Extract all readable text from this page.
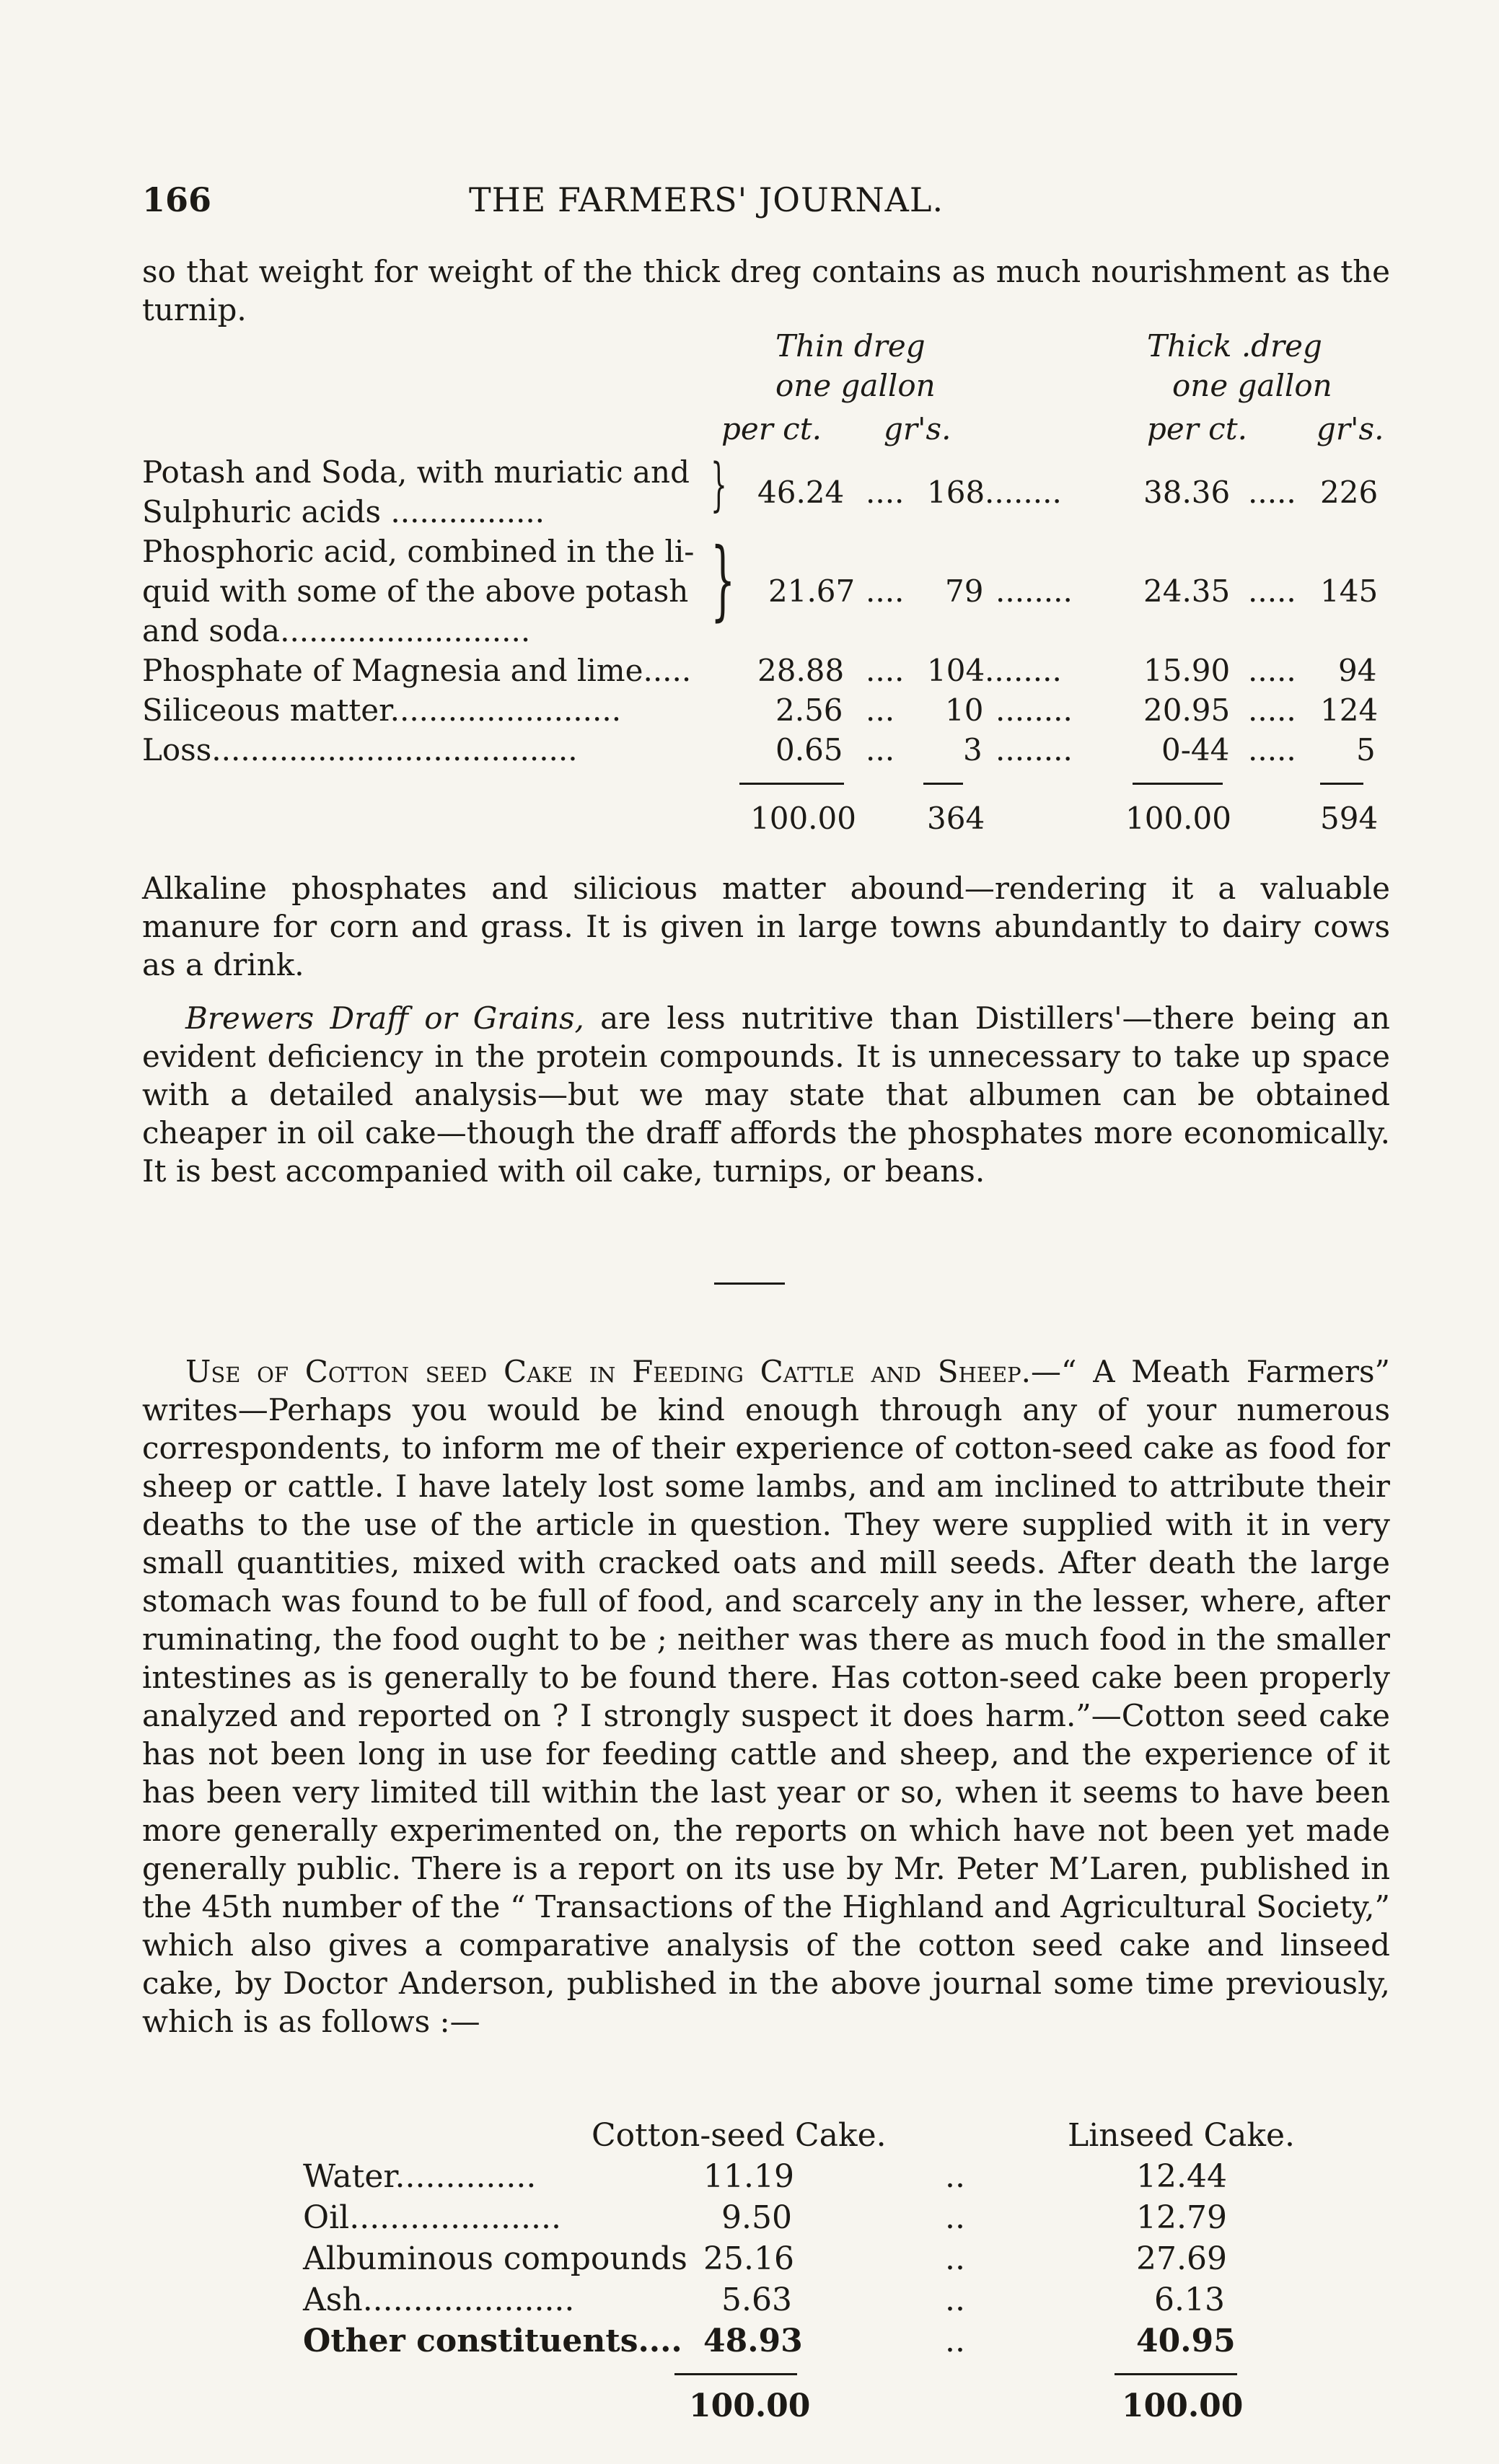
166	THE FARMERS' JOURNAL.

so that weight for weight of the thick dreg contains as much nourishment as the turnip.

Thin dreg
one gallon
Thick .dreg
one gallon
per ct. gr's.	per ct. gr's.
Potash and Soda, with muriatic and
Sulphuric acids ................	} 46.24 .... 168 ........	38.36 ..... 226
Phosphoric acid, combined in the li-
quid with some of the above potash
and soda..........................
} 21.67 .... 79 ........ 24.35 ..... 145
Phosphate of Magnesia and lime..... 28.88 .... 104 ........	15.90 ..... 94
Siliceous matter........................	2.56 ... 10 ........ 20.95 ..... 124
Loss......................................	0.65 ... 3 ........	0-44 ..... 5
100.00 364	100.00	594

Alkaline phosphates and silicious matter abound—rendering it a valuable manure for corn and grass. It is given in large towns abundantly to dairy cows as a drink.

Brewers Draff or Grains, are less nutritive than Distillers'—there being an evident deficiency in the protein compounds. It is unnecessary to take up space with a detailed analysis—but we may state that albumen can be obtained cheaper in oil cake—though the draff affords the phosphates more economically. It is best accompanied with oil cake, turnips, or beans.

Use of Cotton seed Cake in Feeding Cattle and Sheep.—“ A Meath Farmers” writes—Perhaps you would be kind enough through any of your numerous correspondents, to inform me of their experience of cotton-seed cake as food for sheep or cattle. I have lately lost some lambs, and am inclined to attribute their deaths to the use of the article in question. They were supplied with it in very small quantities, mixed with cracked oats and mill seeds. After death the large stomach was found to be full of food, and scarcely any in the lesser, where, after ruminating, the food ought to be ; neither was there as much food in the smaller intestines as is generally to be found there. Has cotton-seed cake been properly analyzed and reported on ? I strongly suspect it does harm.”—Cotton seed cake has not been long in use for feeding cattle and sheep, and the experience of it has been very limited till within the last year or so, when it seems to have been more generally experimented on, the reports on which have not been yet made generally public. There is a report on its use by Mr. Peter M’Laren, published in the 45th number of the “ Transactions of the Highland and Agricultural Society,” which also gives a comparative analysis of the cotton seed cake and linseed cake, by Doctor Anderson, published in the above journal some time previously, which is as follows :—

Cotton-seed Cake.	Linseed Cake.
Water..............	11.19	..	12.44
Oil.....................	9.50	..	12.79
Albuminous compounds 25.16	..	27.69
Ash.....................	5.63	..	6.13
Other constituents.... 48.93	..	40.95
100.00	100.00
